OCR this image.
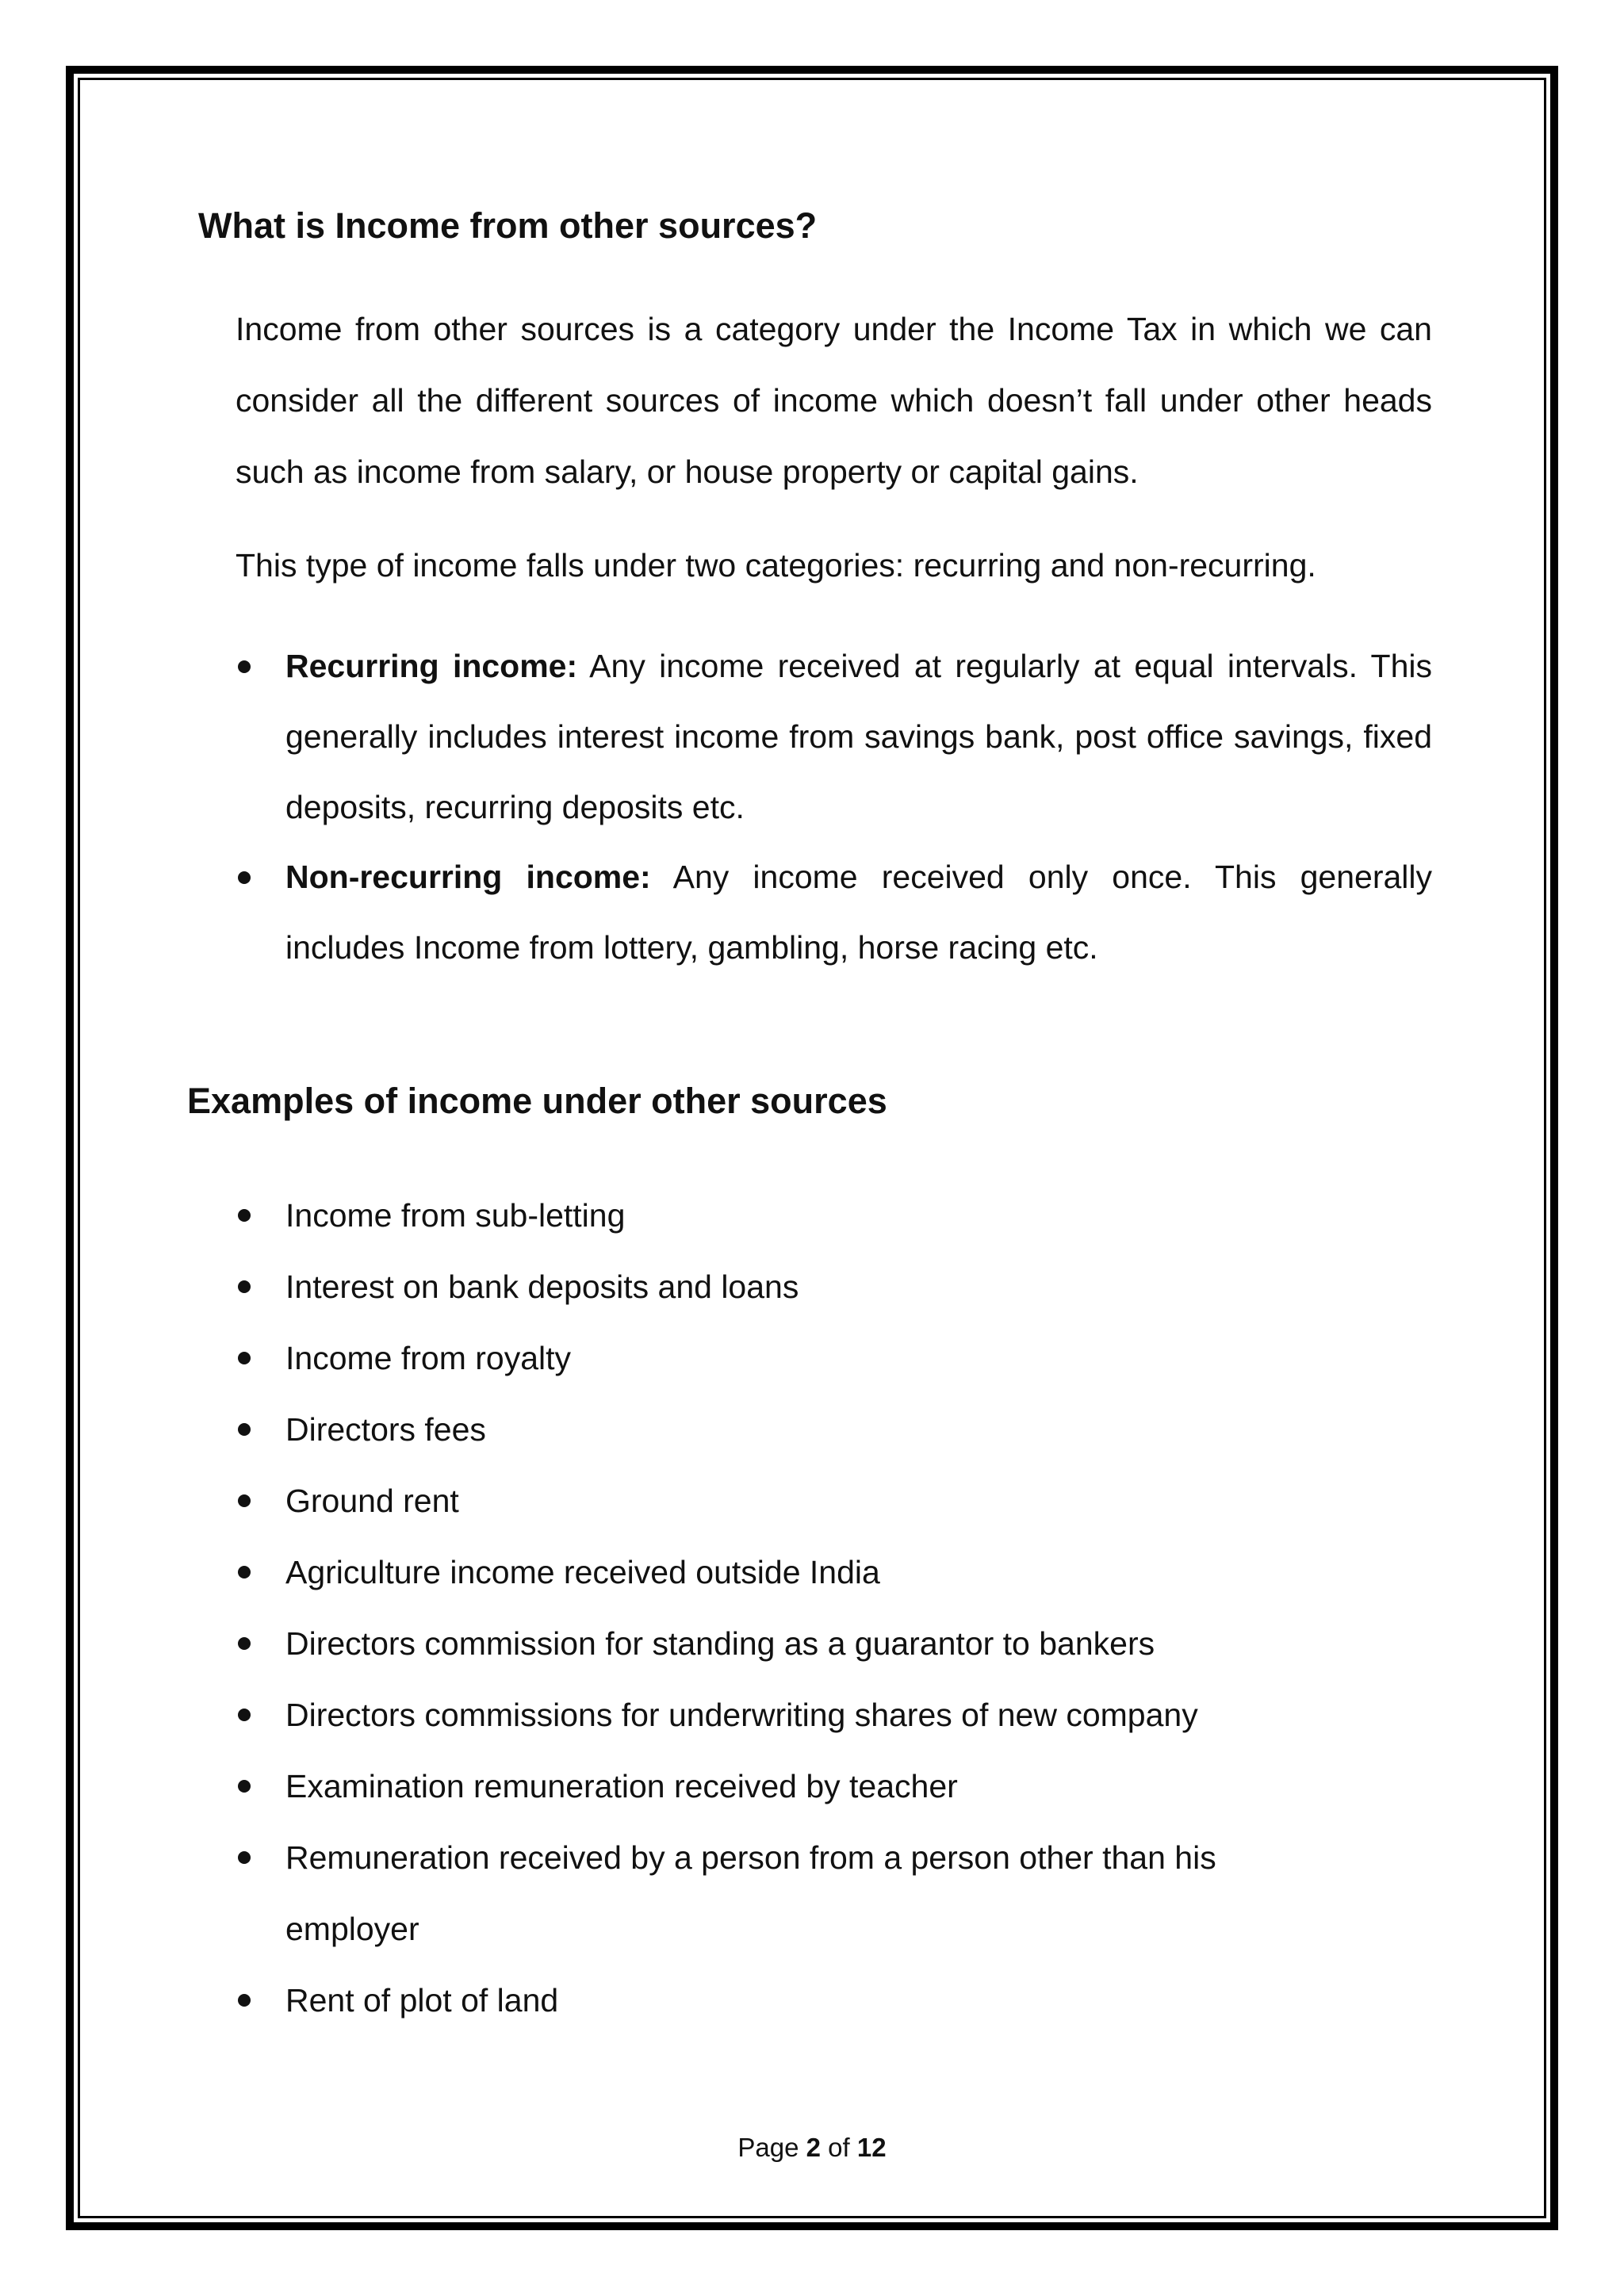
What is Income from other sources?

Income from other sources is a category under the Income Tax in which we can consider all the different sources of income which doesn’t fall under other heads such as income from salary, or house property or capital gains.

This type of income falls under two categories: recurring and non-recurring.

Recurring income: Any income received at regularly at equal intervals. This generally includes interest income from savings bank, post office savings, fixed deposits, recurring deposits etc.
Non-recurring income: Any income received only once. This generally includes Income from lottery, gambling, horse racing etc.
Examples of income under other sources
Income from sub-letting
Interest on bank deposits and loans
Income from royalty
Directors fees
Ground rent
Agriculture income received outside India
Directors commission for standing as a guarantor to bankers
Directors commissions for underwriting shares of new company
Examination remuneration received by teacher
Remuneration received by a person from a person other than his employer
Rent of plot of land
Page 2 of 12
